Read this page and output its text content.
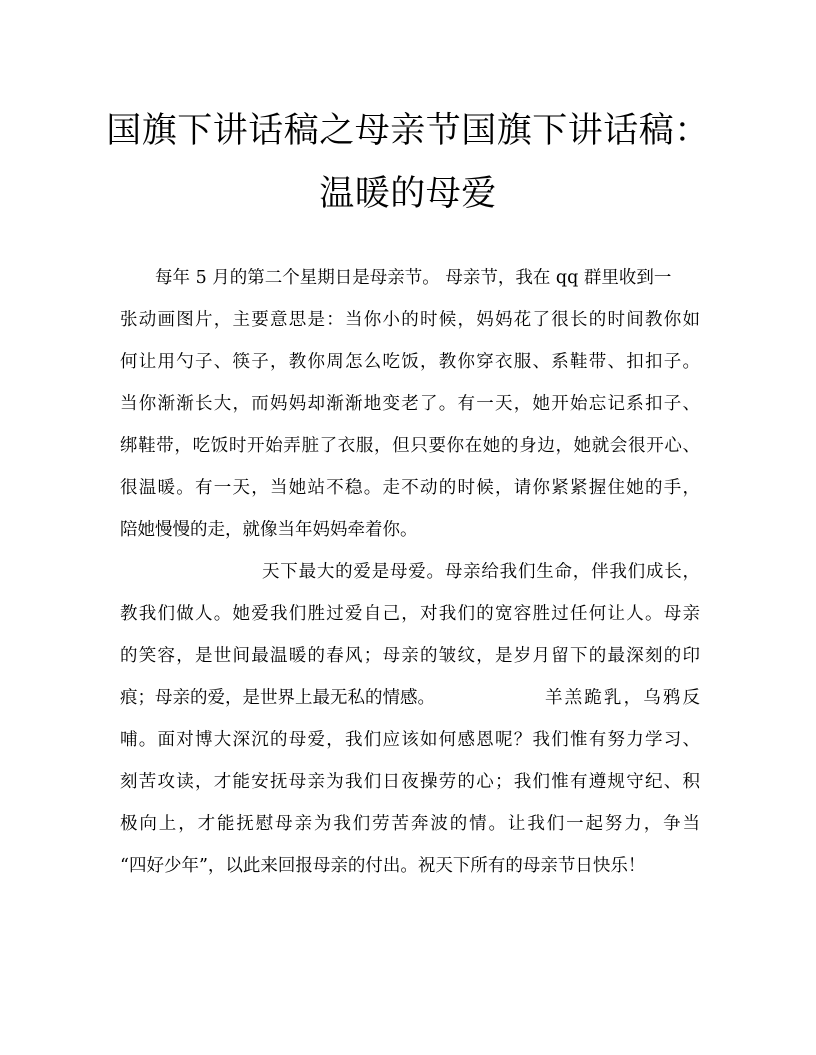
国旗下讲话稿之母亲节国旗下讲话稿：
温暖的母爱

每年 5 月的第二个星期日是母亲节。 母亲节，我在 qq 群里收到一

张动画图片，主要意思是：当你小的时候，妈妈花了很长的时间教你如

何让用勺子、筷子，教你周怎么吃饭，教你穿衣服、系鞋带、扣扣子。

当你渐渐长大，而妈妈却渐渐地变老了。有一天，她开始忘记系扣子、

绑鞋带，吃饭时开始弄脏了衣服，但只要你在她的身边，她就会很开心、

很温暖。有一天，当她站不稳。走不动的时候，请你紧紧握住她的手，

陪她慢慢的走，就像当年妈妈牵着你。

天下最大的爱是母爱。母亲给我们生命，伴我们成长，

教我们做人。她爱我们胜过爱自己，对我们的宽容胜过任何让人。母亲

的笑容，是世间最温暖的春风；母亲的皱纹，是岁月留下的最深刻的印

痕；母亲的爱，是世界上最无私的情感。	羊羔跪乳，乌鸦反

哺。面对博大深沉的母爱，我们应该如何感恩呢？我们惟有努力学习、

刻苦攻读，才能安抚母亲为我们日夜操劳的心；我们惟有遵规守纪、积

极向上，才能抚慰母亲为我们劳苦奔波的情。让我们一起努力，争当

“四好少年”，以此来回报母亲的付出。祝天下所有的母亲节日快乐！
